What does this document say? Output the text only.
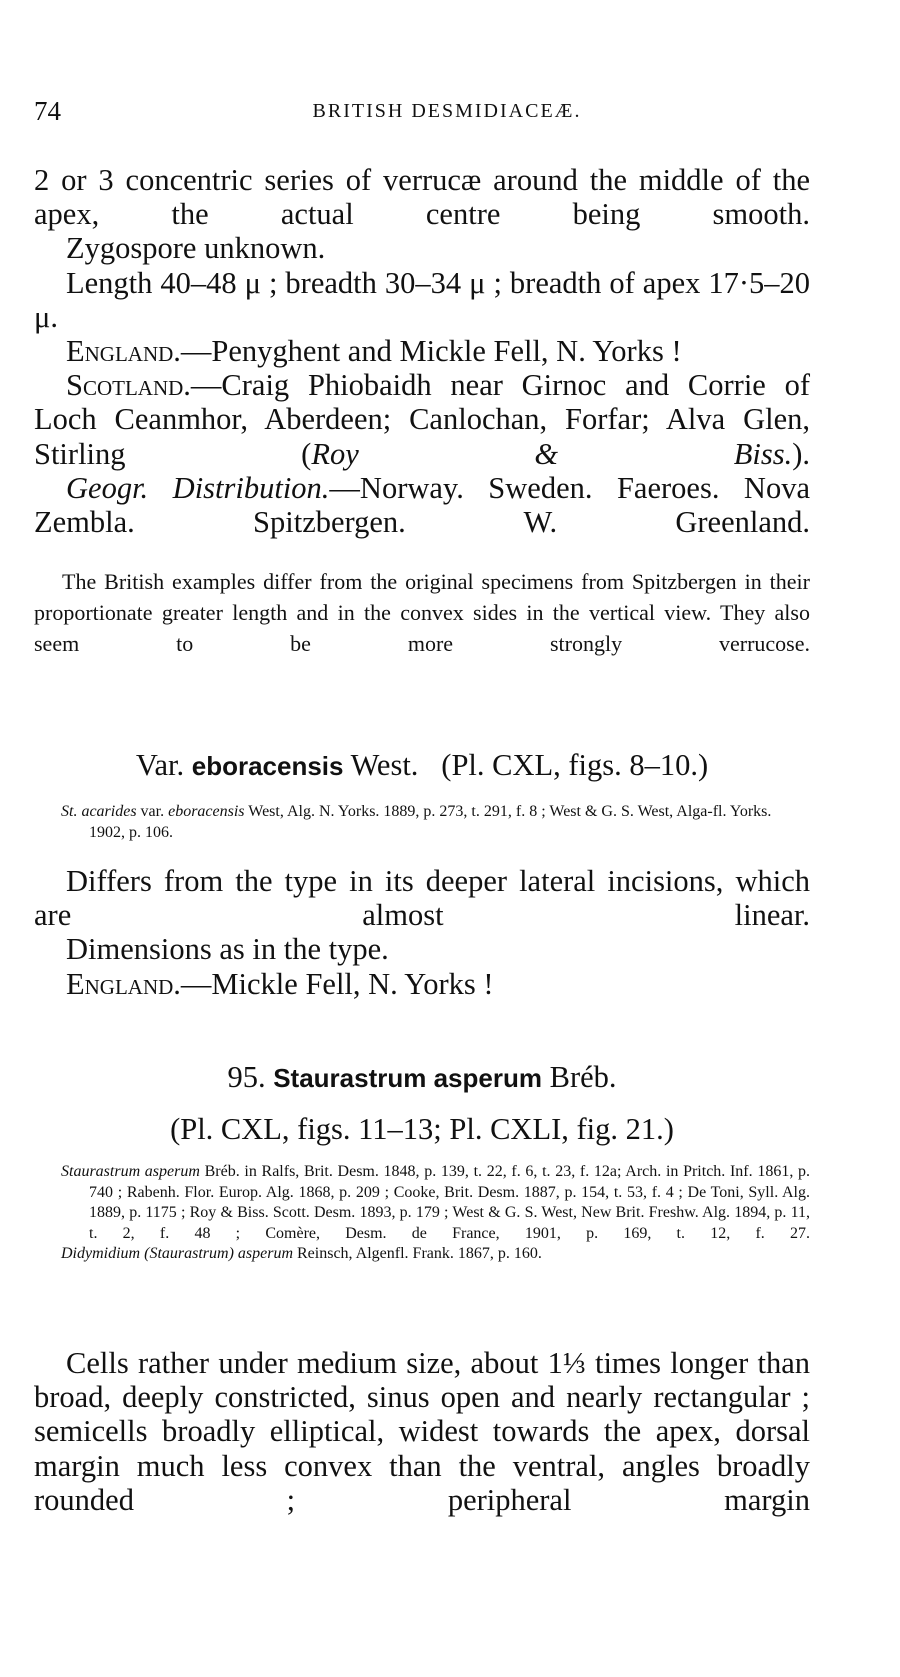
74	BRITISH DESMIDIACEÆ.
2 or 3 concentric series of verrucæ around the middle of the apex, the actual centre being smooth.
Zygospore unknown.
Length 40–48 μ ; breadth 30–34 μ ; breadth of apex 17·5–20 μ.
England.—Penyghent and Mickle Fell, N. Yorks !
Scotland.—Craig Phiobaidh near Girnoc and Corrie of Loch Ceanmhor, Aberdeen; Canlochan, Forfar; Alva Glen, Stirling (Roy & Biss.).
Geogr. Distribution.—Norway. Sweden. Faeroes. Nova Zembla. Spitzbergen. W. Greenland.
The British examples differ from the original specimens from Spitzbergen in their proportionate greater length and in the convex sides in the vertical view. They also seem to be more strongly verrucose.
Var. eboracensis West. (Pl. CXL, figs. 8–10.)
St. acarides var. eboracensis West, Alg. N. Yorks. 1889, p. 273, t. 291, f. 8 ; West & G. S. West, Alga-fl. Yorks. 1902, p. 106.
Differs from the type in its deeper lateral incisions, which are almost linear.
Dimensions as in the type.
England.—Mickle Fell, N. Yorks !
95. Staurastrum asperum Bréb.
(Pl. CXL, figs. 11–13; Pl. CXLI, fig. 21.)
Staurastrum asperum Bréb. in Ralfs, Brit. Desm. 1848, p. 139, t. 22, f. 6, t. 23, f. 12a; Arch. in Pritch. Inf. 1861, p. 740 ; Rabenh. Flor. Europ. Alg. 1868, p. 209 ; Cooke, Brit. Desm. 1887, p. 154, t. 53, f. 4 ; De Toni, Syll. Alg. 1889, p. 1175 ; Roy & Biss. Scott. Desm. 1893, p. 179 ; West & G. S. West, New Brit. Freshw. Alg. 1894, p. 11, t. 2, f. 48 ; Comère, Desm. de France, 1901, p. 169, t. 12, f. 27.
Didymidium (Staurastrum) asperum Reinsch, Algenfl. Frank. 1867, p. 160.
Cells rather under medium size, about 1⅓ times longer than broad, deeply constricted, sinus open and nearly rectangular ; semicells broadly elliptical, widest towards the apex, dorsal margin much less convex than the ventral, angles broadly rounded ; peripheral margin
